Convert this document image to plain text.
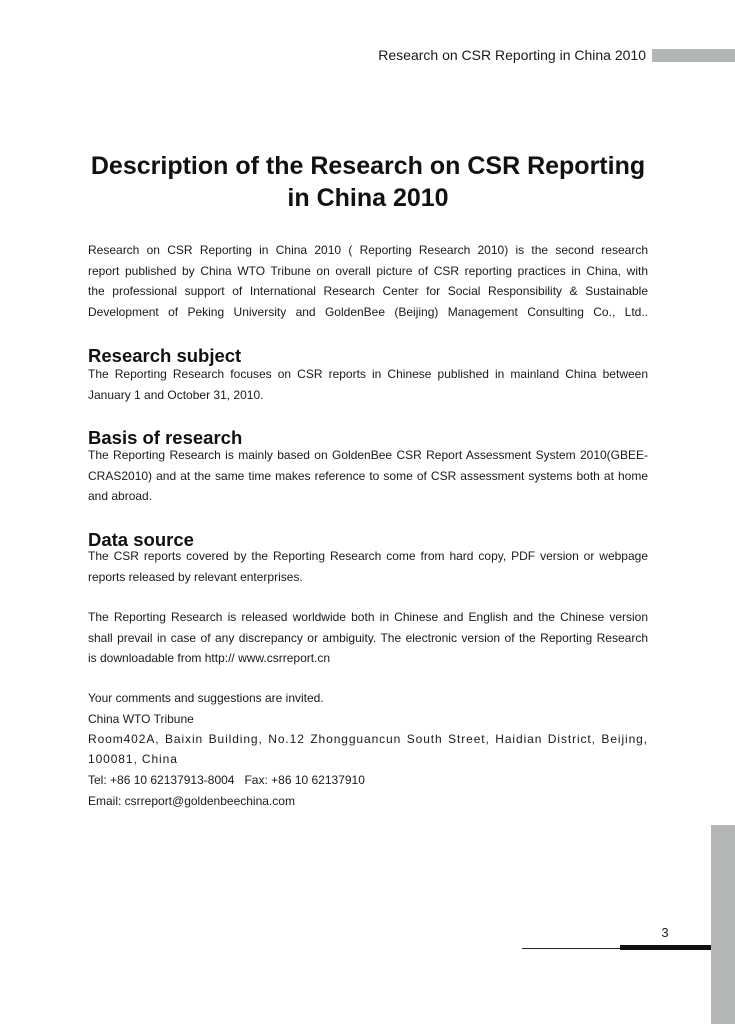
Research on CSR Reporting in China 2010
Description of the Research on CSR Reporting
in China 2010
Research on CSR Reporting in China 2010 ( Reporting Research 2010) is the second research
report published by China WTO Tribune on overall picture of CSR reporting practices in China, with
the professional support of International Research Center for Social Responsibility & Sustainable
Development of Peking University and GoldenBee (Beijing) Management Consulting Co., Ltd..
Research subject
The Reporting Research focuses on CSR reports in Chinese published in mainland China between
January 1 and October 31, 2010.
Basis of research
The Reporting Research is mainly based on GoldenBee CSR Report Assessment System 2010(GBEE-
CRAS2010) and at the same time makes reference to some of CSR assessment systems both at home
and abroad.
Data source
The CSR reports covered by the Reporting Research come from hard copy, PDF version or webpage
reports released by relevant enterprises.
The Reporting Research is released worldwide both in Chinese and English and the Chinese version
shall prevail in case of any discrepancy or ambiguity. The electronic version of the Reporting Research
is downloadable from http:// www.csrreport.cn
Your comments and suggestions are invited.
China WTO Tribune
Room402A, Baixin Building, No.12 Zhongguancun South Street, Haidian District, Beijing,
100081, China
Tel: +86 10 62137913-8004   Fax: +86 10 62137910
Email: csrreport@goldenbeechina.com
3
